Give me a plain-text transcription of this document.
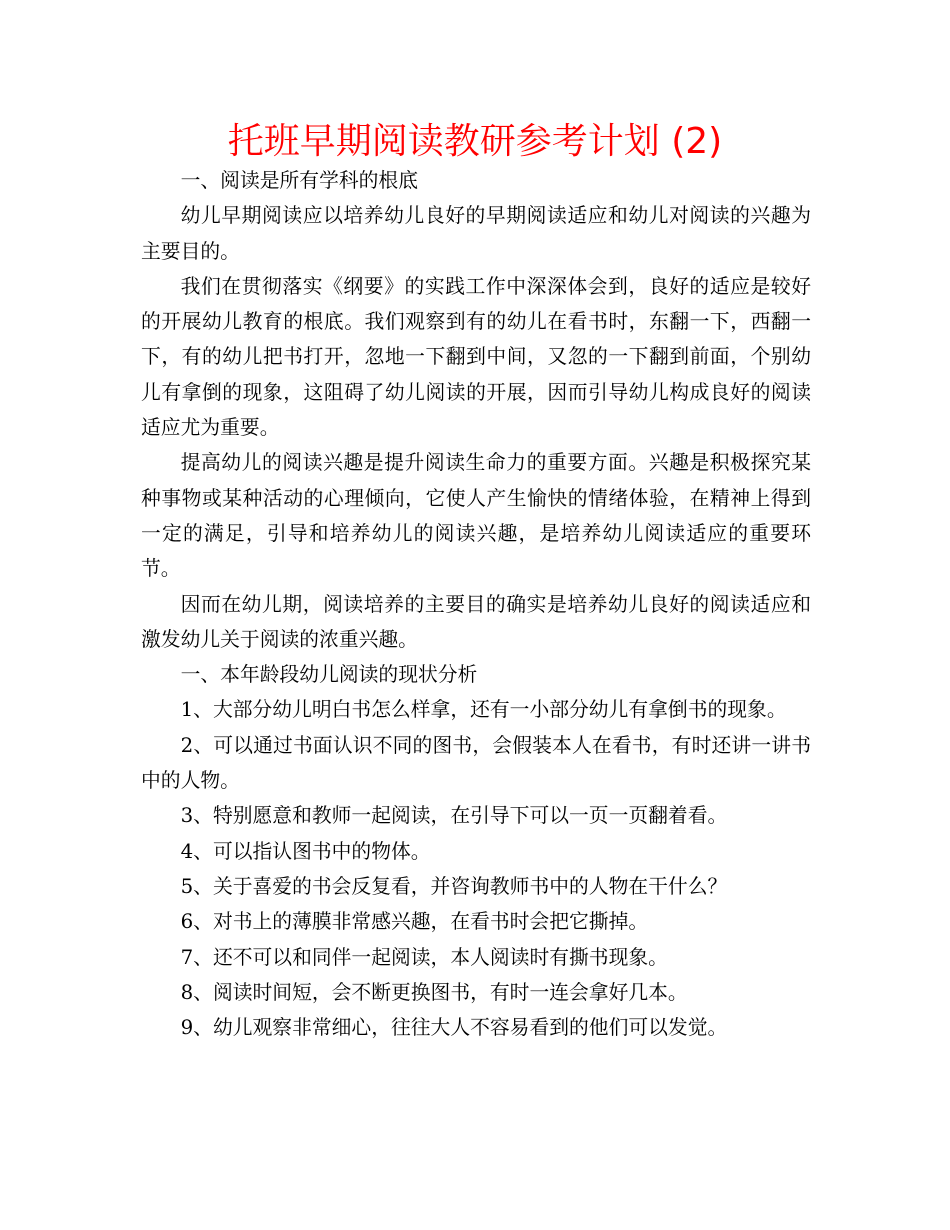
托班早期阅读教研参考计划 (2)

一、阅读是所有学科的根底

幼儿早期阅读应以培养幼儿良好的早期阅读适应和幼儿对阅读的兴趣为主要目的。

我们在贯彻落实《纲要》的实践工作中深深体会到，良好的适应是较好的开展幼儿教育的根底。我们观察到有的幼儿在看书时，东翻一下，西翻一下，有的幼儿把书打开，忽地一下翻到中间，又忽的一下翻到前面，个别幼儿有拿倒的现象，这阻碍了幼儿阅读的开展，因而引导幼儿构成良好的阅读适应尤为重要。

提高幼儿的阅读兴趣是提升阅读生命力的重要方面。兴趣是积极探究某种事物或某种活动的心理倾向，它使人产生愉快的情绪体验，在精神上得到一定的满足，引导和培养幼儿的阅读兴趣，是培养幼儿阅读适应的重要环节。

因而在幼儿期，阅读培养的主要目的确实是培养幼儿良好的阅读适应和激发幼儿关于阅读的浓重兴趣。

一、本年龄段幼儿阅读的现状分析

1、大部分幼儿明白书怎么样拿，还有一小部分幼儿有拿倒书的现象。

2、可以通过书面认识不同的图书，会假装本人在看书，有时还讲一讲书中的人物。

3、特别愿意和教师一起阅读，在引导下可以一页一页翻着看。

4、可以指认图书中的物体。

5、关于喜爱的书会反复看，并咨询教师书中的人物在干什么？

6、对书上的薄膜非常感兴趣，在看书时会把它撕掉。

7、还不可以和同伴一起阅读，本人阅读时有撕书现象。

8、阅读时间短，会不断更换图书，有时一连会拿好几本。

9、幼儿观察非常细心，往往大人不容易看到的他们可以发觉。
